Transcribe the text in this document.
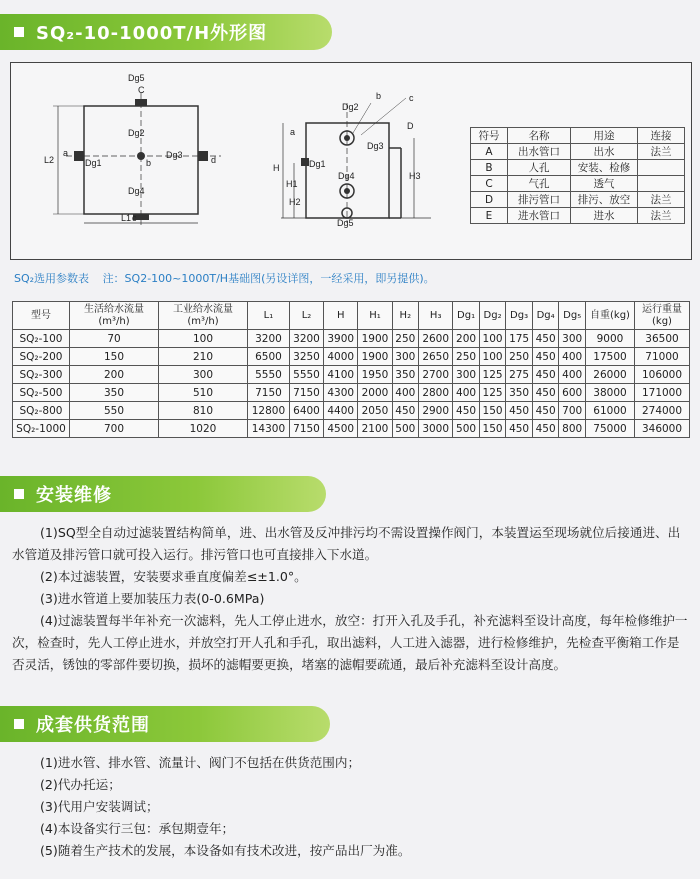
SQ₂-10-1000T/H外形图
Dg5
C
Dg2
a
Dg1	b
Dg3	d
Dg4
L2
L1 c
Dg2
b	c
D
a
Dg1
Dg4
Dg3
H
H1
H2
H3
Dg5
符号	名称	用途	连接
A	出水管口	出水	法兰
B	人孔	安装、检修	
C	气孔	透气	
D	排污管口	排污、放空	法兰
E	进水管口	进水	法兰
SQ₂选用参数表 注：SQ2-100~1000T/H基础图(另设详图，一经采用，即另提供)。
型号	生活给水流量(m³/h)	工业给水流量(m³/h)	L₁	L₂	H	H₁	H₂	H₃	Dg₁	Dg₂	Dg₃	Dg₄	Dg₅	自重(kg)	运行重量(kg)
SQ₂-100	70	100	3200	3200	3900	1900	250	2600	200	100	175	450	300	9000	36500
SQ₂-200	150	210	6500	3250	4000	1900	300	2650	250	100	250	450	400	17500	71000
SQ₂-300	200	300	5550	5550	4100	1950	350	2700	300	125	275	450	400	26000	106000
SQ₂-500	350	510	7150	7150	4300	2000	400	2800	400	125	350	450	600	38000	171000
SQ₂-800	550	810	12800	6400	4400	2050	450	2900	450	150	450	450	700	61000	274000
SQ₂-1000	700	1020	14300	7150	4500	2100	500	3000	500	150	450	450	800	75000	346000
安装维修

(1)SQ型全自动过滤装置结构简单，进、出水管及反冲排污均不需设置操作阀门，本装置运至现场就位后接通进、出水管道及排污管口就可投入运行。排污管口也可直接排入下水道。

(2)本过滤装置，安装要求垂直度偏差≤±1.0°。

(3)进水管道上要加装压力表(0-0.6MPa)

(4)过滤装置每半年补充一次滤料，先人工停止进水，放空：打开入孔及手孔，补充滤料至设计高度，每年检修维护一次，检查时，先人工停止进水，并放空打开人孔和手孔，取出滤料，人工进入滤器，进行检修维护，先检查平衡箱工作是否灵活，锈蚀的零部件要切换，损坏的滤帽要更换，堵塞的滤帽要疏通，最后补充滤料至设计高度。

成套供货范围

(1)进水管、排水管、流量计、阀门不包括在供货范围内；

(2)代办托运；

(3)代用户安装调试；

(4)本设备实行三包：承包期壹年；

(5)随着生产技术的发展，本设备如有技术改进，按产品出厂为准。
